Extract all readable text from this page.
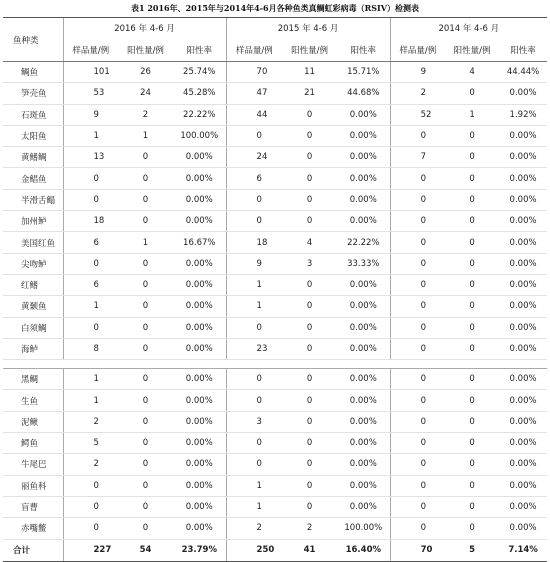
表1 2016年、2015年与2014年4-6月各种鱼类真鲷虹彩病毒（RSIV）检测表
鱼种类	2016 年 4-6 月			2015 年 4-6 月			2014 年 4-6 月		
	样品量/例	阳性量/例	阳性率	样品量/例	阳性量/例	阳性率	样品量/例	阳性量/例	阳性率
鲷鱼	101	26	25.74%	70	11	15.71%	9	4	44.44%
笋壳鱼	53	24	45.28%	47	21	44.68%	2	0	0.00%
石斑鱼	9	2	22.22%	44	0	0.00%	52	1	1.92%
太阳鱼	1	1	100.00%	0	0	0.00%	0	0	0.00%
黄鳍鲷	13	0	0.00%	24	0	0.00%	7	0	0.00%
金鲳鱼	0	0	0.00%	6	0	0.00%	0	0	0.00%
半滑舌鳎	0	0	0.00%	0	0	0.00%	0	0	0.00%
加州鲈	18	0	0.00%	0	0	0.00%	0	0	0.00%
美国红鱼	6	1	16.67%	18	4	22.22%	0	0	0.00%
尖吻鲈	0	0	0.00%	9	3	33.33%	0	0	0.00%
红鳍	6	0	0.00%	1	0	0.00%	0	0	0.00%
黄颡鱼	1	0	0.00%	1	0	0.00%	0	0	0.00%
白须鲷	0	0	0.00%	0	0	0.00%	0	0	0.00%
海鲈	8	0	0.00%	23	0	0.00%	0	0	0.00%

黑鲷	1	0	0.00%	0	0	0.00%	0	0	0.00%
生鱼	1	0	0.00%	0	0	0.00%	0	0	0.00%
泥鳅	2	0	0.00%	3	0	0.00%	0	0	0.00%
鳄鱼	5	0	0.00%	0	0	0.00%	0	0	0.00%
牛尾巴	2	0	0.00%	0	0	0.00%	0	0	0.00%
丽鱼科	0	0	0.00%	1	0	0.00%	0	0	0.00%
盲曹	0	0	0.00%	1	0	0.00%	0	0	0.00%
赤嘴鳖	0	0	0.00%	2	2	100.00%	0	0	0.00%
合计	227	54	23.79%	250	41	16.40%	70	5	7.14%
